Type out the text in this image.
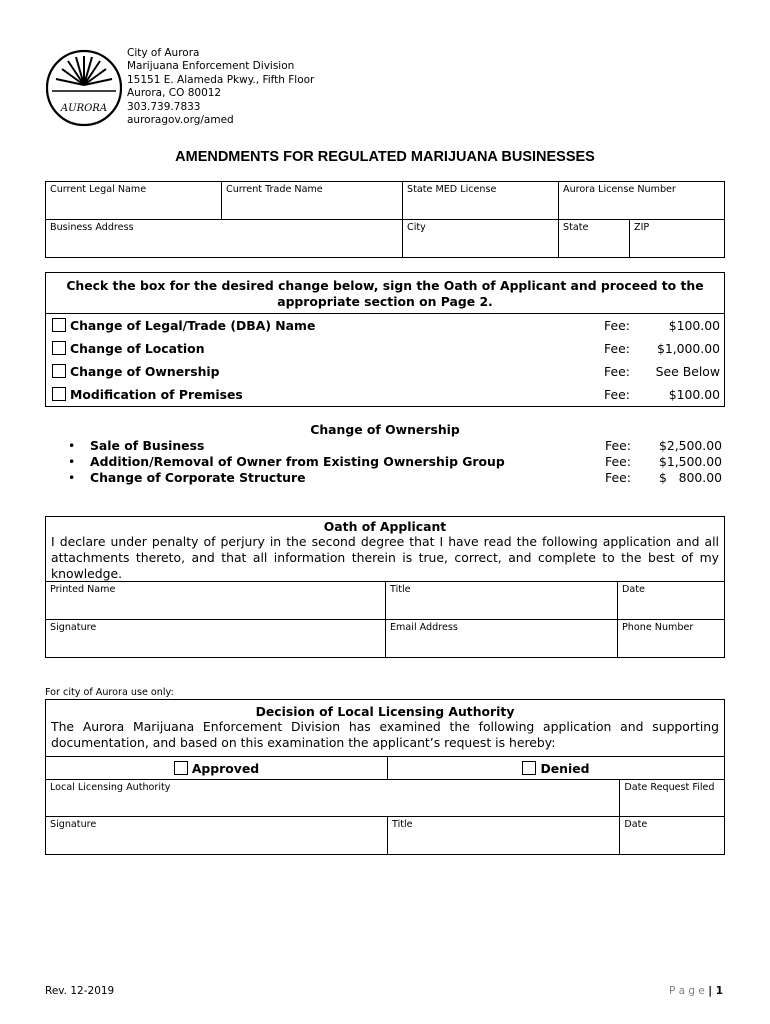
AURORA
City of Aurora
Marijuana Enforcement Division
15151 E. Alameda Pkwy., Fifth Floor
Aurora, CO 80012
303.739.7833
auroragov.org/amed
AMENDMENTS FOR REGULATED MARIJUANA BUSINESSES
Current Legal Name	Current Trade Name	State MED License	Aurora License Number	

Business Address		City	State	ZIP
Check the box for the desired change below, sign the Oath of Applicant and proceed to the appropriate section on Page 2.
Change of Legal/Trade (DBA) Name	Fee:	$100.00
Change of Location	Fee: $1,000.00
Change of Ownership	Fee: See Below
Modification of Premises	Fee:	$100.00
Change of Ownership
• Sale of Business	Fee: $2,500.00
• Addition/Removal of Owner from Existing Ownership Group	Fee: $1,500.00
• Change of Corporate Structure	Fee: $   800.00
Oath of Applicant
I declare under penalty of perjury in the second degree that I have read the following application and all attachments thereto, and that all information therein is true, correct, and complete to the best of my knowledge.
Printed Name	Title	Date

Signature	Email Address	Phone Number
For city of Aurora use only:
Decision of Local Licensing Authority
The Aurora Marijuana Enforcement Division has examined the following application and supporting documentation, and based on this examination the applicant’s request is hereby:
Approved	Denied	

Local Licensing Authority		Date Request Filed

Signature	Title	Date
Rev. 12-2019	P a g e | 1
